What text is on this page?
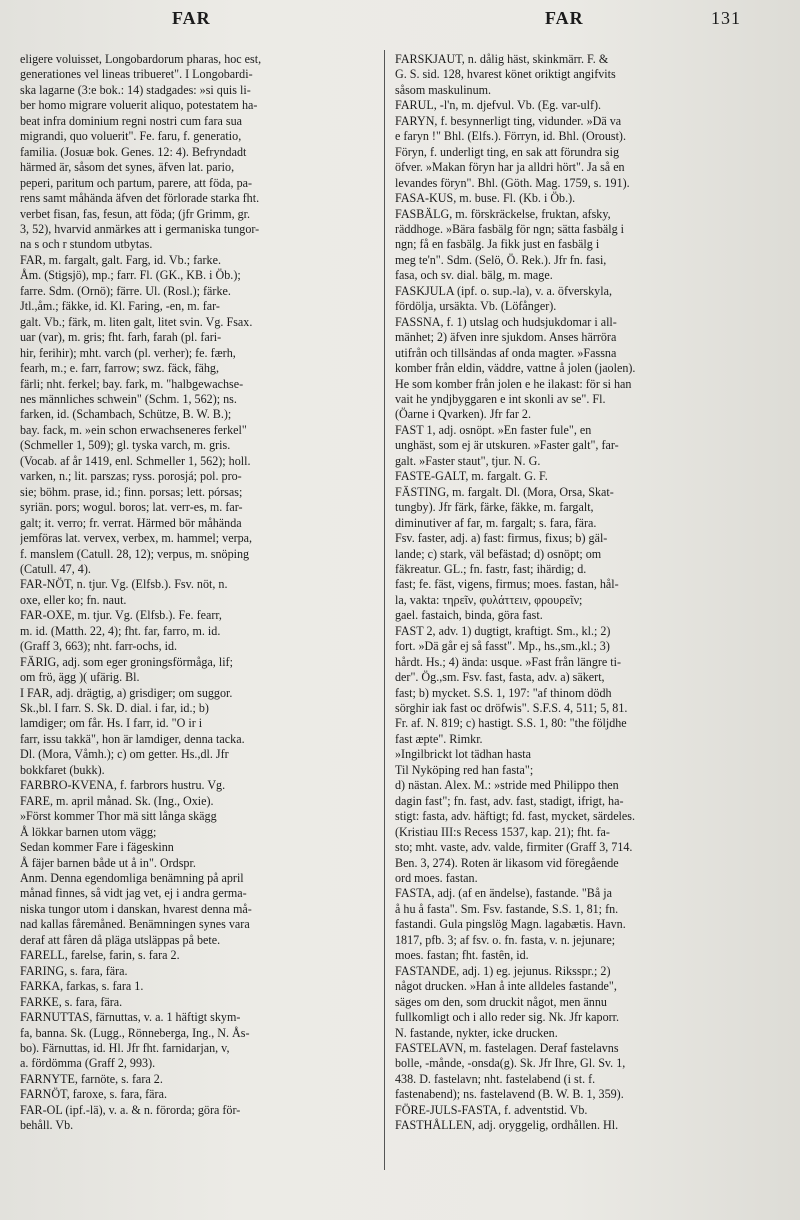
FAR	FAR	131
eligere voluisset, Longobardorum pharas, hoc est,
generationes vel lineas tribueret". I Longobardi-
ska lagarne (3:e bok.: 14) stadgades: »si quis li-
ber homo migrare voluerit aliquo, potestatem ha-
beat infra dominium regni nostri cum fara sua
migrandi, quo voluerit". Fe. faru, f. generatio,
familia. (Josuæ bok. Genes. 12: 4). Befryndadt
härmed är, såsom det synes, äfven lat. pario,
peperi, paritum och partum, parere, att föda, pa-
rens samt måhända äfven det förlorade starka fht.
verbet fisan, fas, fesun, att föda; (jfr Grimm, gr.
3, 52), hvarvid anmärkes att i germaniska tungor-
na s och r stundom utbytas.
FAR, m. fargalt, galt. Farg, id. Vb.; farke.
Åm. (Stigsjö), mp.; farr. Fl. (GK., KB. i Öb.);
farre. Sdm. (Ornö); färre. Ul. (Rosl.); färke.
Jtl.,åm.; fäkke, id. Kl. Faring, -en, m. far-
galt. Vb.; färk, m. liten galt, litet svin. Vg. Fsax.
uar (var), m. gris; fht. farh, farah (pl. fari-
hir, ferihir); mht. varch (pl. verher); fe. færh,
fearh, m.; e. farr, farrow; swz. fäck, fähg,
färli; nht. ferkel; bay. fark, m. "halbgewachse-
nes männliches schwein" (Schm. 1, 562); ns.
farken, id. (Schambach, Schütze, B. W. B.);
bay. fack, m. »ein schon erwachseneres ferkel"
(Schmeller 1, 509); gl. tyska varch, m. gris.
(Vocab. af år 1419, enl. Schmeller 1, 562); holl.
varken, n.; lit. parszas; ryss. porosjá; pol. pro-
sie; böhm. prase, id.; finn. porsas; lett. pórsas;
syriän. pors; wogul. boros; lat. verr-es, m. far-
galt; it. verro; fr. verrat. Härmed bör måhända
jemföras lat. vervex, verbex, m. hammel; verpa,
f. manslem (Catull. 28, 12); verpus, m. snöping
(Catull. 47, 4).
FAR-NÖT, n. tjur. Vg. (Elfsb.). Fsv. nöt, n.
oxe, eller ko; fn. naut.
FAR-OXE, m. tjur. Vg. (Elfsb.). Fe. fearr,
m. id. (Matth. 22, 4); fht. far, farro, m. id.
(Graff 3, 663); nht. farr-ochs, id.
FÄRIG, adj. som eger groningsförmåga, lif;
om frö, ägg )( ufärig. Bl.
I FAR, adj. drägtig, a) grisdiger; om suggor.
Sk.,bl. I farr. S. Sk. D. dial. i far, id.; b)
lamdiger; om får. Hs. I farr, id. "O ir i
farr, issu takkä", hon är lamdiger, denna tacka.
Dl. (Mora, Våmh.); c) om getter. Hs.,dl. Jfr
bokkfaret (bukk).
FARBRO-KVENA, f. farbrors hustru. Vg.
FARE, m. april månad. Sk. (Ing., Oxie).
»Först kommer Thor mä sitt långa skägg
Å lökkar barnen utom vägg;
Sedan kommer Fare i fägeskinn
Å fäjer barnen både ut å in". Ordspr.
Anm. Denna egendomliga benämning på april
månad finnes, så vidt jag vet, ej i andra germa-
niska tungor utom i danskan, hvarest denna må-
nad kallas fåremåned. Benämningen synes vara
deraf att fåren då pläga utsläppas på bete.
FARELL, farelse, farin, s. fara 2.
FARING, s. fara, fära.
FARKA, farkas, s. fara 1.
FARKE, s. fara, fära.
FARNUTTAS, färnuttas, v. a. 1 häftigt skym-
fa, banna. Sk. (Lugg., Rönneberga, Ing., N. Ås-
bo). Färnuttas, id. Hl. Jfr fht. farnidarjan, v,
a. fördömma (Graff 2, 993).
FARNYTE, farnöte, s. fara 2.
FARNÖT, faroxe, s. fara, fära.
FAR-OL (ipf.-lä), v. a. & n. förorda; göra för-
behåll. Vb.
FARSKJAUT, n. dålig häst, skinkmärr. F. &
G. S. sid. 128, hvarest könet oriktigt angifvits
såsom maskulinum.
FARUL, -l'n, m. djefvul. Vb. (Eg. var-ulf).
FARYN, f. besynnerligt ting, vidunder. »Dä va
e faryn !" Bhl. (Elfs.). Förryn, id. Bhl. (Oroust).
Föryn, f. underligt ting, en sak att förundra sig
öfver. »Makan föryn har ja alldri hört". Ja så en
levandes föryn". Bhl. (Göth. Mag. 1759, s. 191).
FASA-KUS, m. buse. Fl. (Kb. i Öb.).
FASBÄLG, m. förskräckelse, fruktan, afsky,
räddhoge. »Bära fasbälg för ngn; sätta fasbälg i
ngn; få en fasbälg. Ja fikk just en fasbälg i
meg te'n". Sdm. (Selö, Ö. Rek.). Jfr fn. fasi,
fasa, och sv. dial. bälg, m. mage.
FASKJULA (ipf. o. sup.-la), v. a. öfverskyla,
fördölja, ursäkta. Vb. (Löfånger).
FASSNA, f. 1) utslag och hudsjukdomar i all-
mänhet; 2) äfven inre sjukdom. Anses härröra
utifrån och tillsändas af onda magter. »Fassna
komber från eldin, väddre, vattne å jolen (jaolen).
He som komber från jolen e he ilakast: för si han
vait he yndjbyggaren e int skonli av se". Fl.
(Öarne i Qvarken). Jfr far 2.
FAST 1, adj. osnöpt. »En faster fule", en
unghäst, som ej är utskuren. »Faster galt", far-
galt. »Faster staut", tjur. N. G.
FASTE-GALT, m. fargalt. G. F.
FÄSTING, m. fargalt. Dl. (Mora, Orsa, Skat-
tungby). Jfr färk, färke, fäkke, m. fargalt,
diminutiver af far, m. fargalt; s. fara, fära.
Fsv. faster, adj. a) fast: firmus, fixus; b) gäl-
lande; c) stark, väl befästad; d) osnöpt; om
fäkreatur. GL.; fn. fastr, fast; ihärdig; d.
fast; fe. fäst, vigens, firmus; moes. fastan, hål-
la, vakta: τηρεῖν, φυλάττειν, φρουρεῖν;
gael. fastaich, binda, göra fast.
FAST 2, adv. 1) dugtigt, kraftigt. Sm., kl.; 2)
fort. »Dä går ej så fasst". Mp., hs.,sm.,kl.; 3)
hårdt. Hs.; 4) ända: usque. »Fast från längre ti-
der". Ög.,sm. Fsv. fast, fasta, adv. a) säkert,
fast; b) mycket. S.S. 1, 197: "af thinom dödh
sörghir iak fast oc dröfwis". S.F.S. 4, 511; 5, 81.
Fr. af. N. 819; c) hastigt. S.S. 1, 80: "the följdhe
fast æpte". Rimkr.
»Ingilbrickt lot tädhan hasta
Til Nyköping red han fasta";
d) nästan. Alex. M.: »stride med Philippo then
dagin fast"; fn. fast, adv. fast, stadigt, ifrigt, ha-
stigt: fasta, adv. häftigt; fd. fast, mycket, särdeles.
(Kristiau III:s Recess 1537, kap. 21); fht. fa-
sto; mht. vaste, adv. valde, firmiter (Graff 3, 714.
Ben. 3, 274). Roten är likasom vid föregående
ord moes. fastan.
FASTA, adj. (af en ändelse), fastande. "Bå ja
å hu å fasta". Sm. Fsv. fastande, S.S. 1, 81; fn.
fastandi. Gula pingslög Magn. lagabætis. Havn.
1817, pfb. 3; af fsv. o. fn. fasta, v. n. jejunare;
moes. fastan; fht. fastên, id.
FASTANDE, adj. 1) eg. jejunus. Riksspr.; 2)
något drucken. »Han å inte alldeles fastande",
säges om den, som druckit något, men ännu
fullkomligt och i allo reder sig. Nk. Jfr kaporr.
N. fastande, nykter, icke drucken.
FASTELAVN, m. fastelagen. Deraf fastelavns
bolle, -månde, -onsda(g). Sk. Jfr Ihre, Gl. Sv. 1,
438. D. fastelavn; nht. fastelabend (i st. f.
fastenabend); ns. fastelavend (B. W. B. 1, 359).
FÖRE-JULS-FASTA, f. adventstid. Vb.
FASTHÅLLEN, adj. oryggelig, ordhållen. Hl.
